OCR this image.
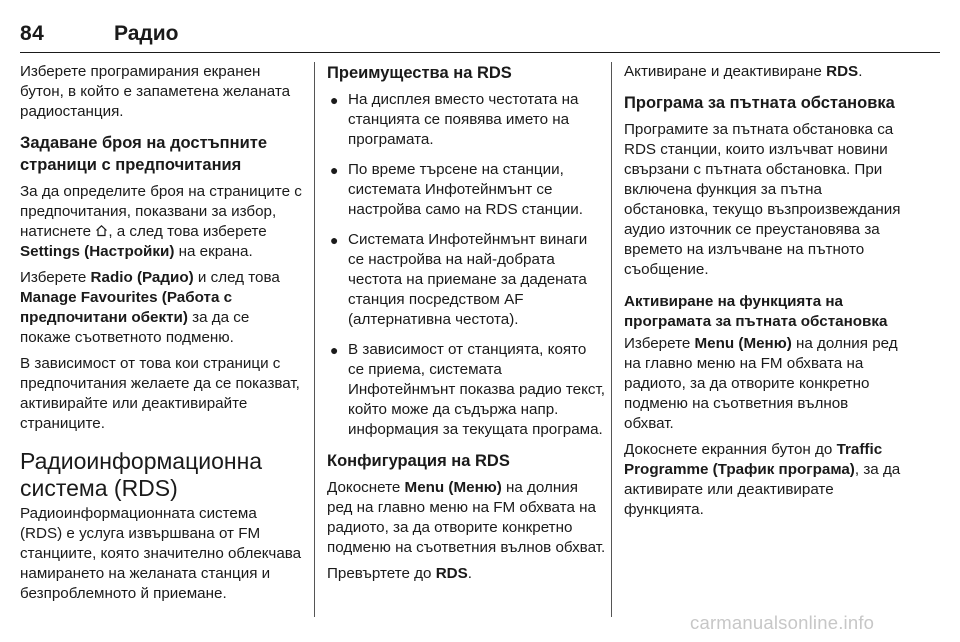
84	Радио

Изберете програмирания екранен бутон, в който е запаметена желаната радиостанция.

Задаване броя на достъпните страници с предпочитания

За да определите броя на страниците с предпочитания, показвани за избор, натиснете , а след това изберете Settings (Настройки) на екрана.

Изберете Radio (Радио) и след това Manage Favourites (Работа с предпочитани обекти) за да се покаже съответното подменю.

В зависимост от това кои страници с предпочитания желаете да се показват, активирайте или деактивирайте страниците.

Радиоинформационна система (RDS)

Радиоинформационната система (RDS) е услуга извършвана от FM станциите, която значително облекчава намирането на желаната станция и безпроблемното й приемане.

Преимущества на RDS
● На дисплея вместо честотата на станцията се появява името на програмата.
● По време търсене на станции, системата Инфотейнмънт се настройва само на RDS станции.
● Системата Инфотейнмънт винаги се настройва на най-добрата честота на приемане за дадената станция посредством AF (алтернативна честота).
● В зависимост от станцията, която се приема, системата Инфотейнмънт показва радио текст, който може да съдържа напр. информация за текущата програма.
Конфигурация на RDS

Докоснете Menu (Меню) на долния ред на главно меню на FM обхвата на радиото, за да отворите конкретно подменю на съответния вълнов обхват.

Превъртете до RDS.

Активиране и деактивиране RDS.

Програма за пътната обстановка

Програмите за пътната обстановка са RDS станции, които излъчват новини свързани с пътната обстановка. При включена функция за пътна обстановка, текущо възпроизвеждания аудио източник се преустановява за времето на излъчване на пътното съобщение.

Активиране на функцията на програмата за пътната обстановка

Изберете Menu (Меню) на долния ред на главно меню на FM обхвата на радиото, за да отворите конкретно подменю на съответния вълнов обхват.

Докоснете екранния бутон до Traffic Programme (Трафик програма), за да активирате или деактивирате функцията.

carmanualsonline.info
